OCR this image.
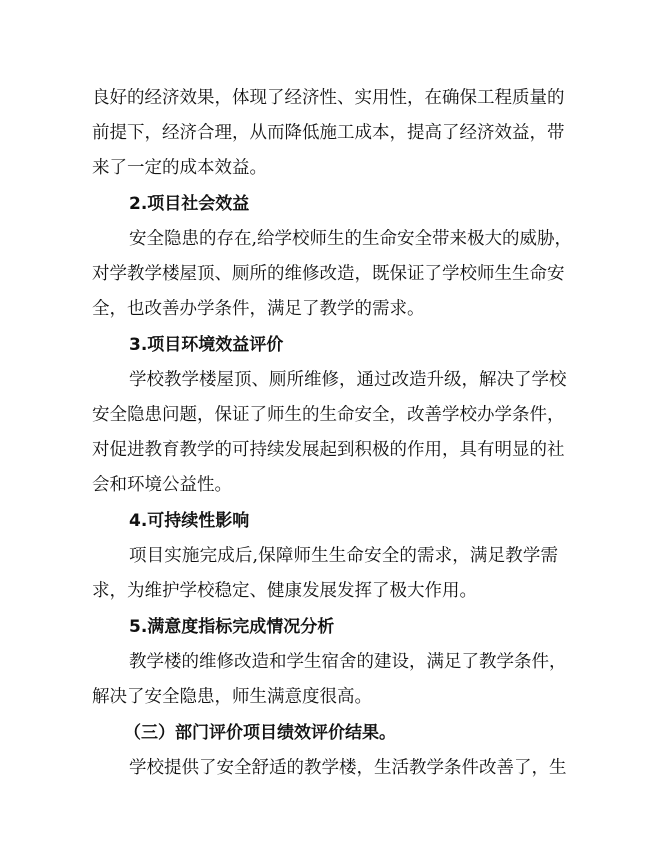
良好的经济效果，体现了经济性、实用性，在确保工程质量的
前提下，经济合理，从而降低施工成本，提高了经济效益，带
来了一定的成本效益。
2.项目社会效益
安全隐患的存在,给学校师生的生命安全带来极大的威胁，
对学教学楼屋顶、厕所的维修改造，既保证了学校师生生命安
全，也改善办学条件，满足了教学的需求。
3.项目环境效益评价
学校教学楼屋顶、厕所维修，通过改造升级，解决了学校
安全隐患问题，保证了师生的生命安全，改善学校办学条件，
对促进教育教学的可持续发展起到积极的作用，具有明显的社
会和环境公益性。
4.可持续性影响
项目实施完成后,保障师生生命安全的需求，满足教学需
求，为维护学校稳定、健康发展发挥了极大作用。
5.满意度指标完成情况分析
教学楼的维修改造和学生宿舍的建设，满足了教学条件，
解决了安全隐患，师生满意度很高。
（三）部门评价项目绩效评价结果。
学校提供了安全舒适的教学楼，生活教学条件改善了，生
